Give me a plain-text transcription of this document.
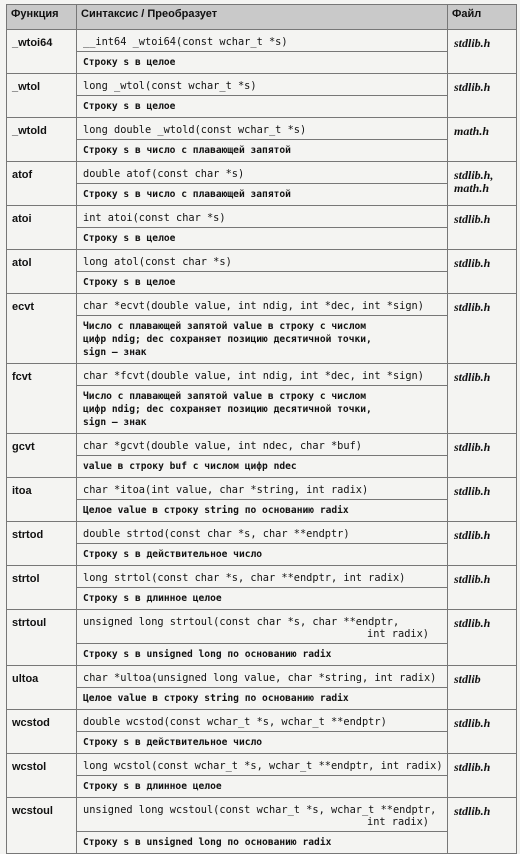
Функция	Синтаксис / Преобразует	Файл
_wtoi64	__int64 _wtoi64(const wchar_t *s)
Строку s в целое	stdlib.h
_wtol	long _wtol(const wchar_t *s)
Строку s в целое	stdlib.h
_wtold	long double _wtold(const wchar_t *s)
Строку s в число с плавающей запятой	math.h
atof	double atof(const char *s)
Строку s в число с плавающей запятой	stdlib.h, math.h
atoi	int atoi(const char *s)
Строку s в целое	stdlib.h
atol	long atol(const char *s)
Строку s в целое	stdlib.h
ecvt	char *ecvt(double value, int ndig, int *dec, int *sign)
Число с плавающей запятой value в строку с числом
цифр ndig; dec сохраняет позицию десятичной точки,
sign — знак	stdlib.h
fcvt	char *fcvt(double value, int ndig, int *dec, int *sign)
Число с плавающей запятой value в строку с числом
цифр ndig; dec сохраняет позицию десятичной точки,
sign — знак	stdlib.h
gcvt	char *gcvt(double value, int ndec, char *buf)
value в строку buf с числом цифр ndec	stdlib.h
itoa	char *itoa(int value, char *string, int radix)
Целое value в строку string по основанию radix	stdlib.h
strtod	double strtod(const char *s, char **endptr)
Строку s в действительное число	stdlib.h
strtol	long strtol(const char *s, char **endptr, int radix)
Строку s в длинное целое	stdlib.h
strtoul	unsigned long strtoul(const char *s, char **endptr,
int radix)
Строку s в unsigned long по основанию radix	stdlib.h
ultoa	char *ultoa(unsigned long value, char *string, int radix)
Целое value в строку string по основанию radix	stdlib
wcstod	double wcstod(const wchar_t *s, wchar_t **endptr)
Строку s в действительное число	stdlib.h
wcstol	long wcstol(const wchar_t *s, wchar_t **endptr, int radix)
Строку s в длинное целое	stdlib.h
wcstoul	unsigned long wcstoul(const wchar_t *s, wchar_t **endptr,
int radix)
Строку s в unsigned long по основанию radix	stdlib.h
